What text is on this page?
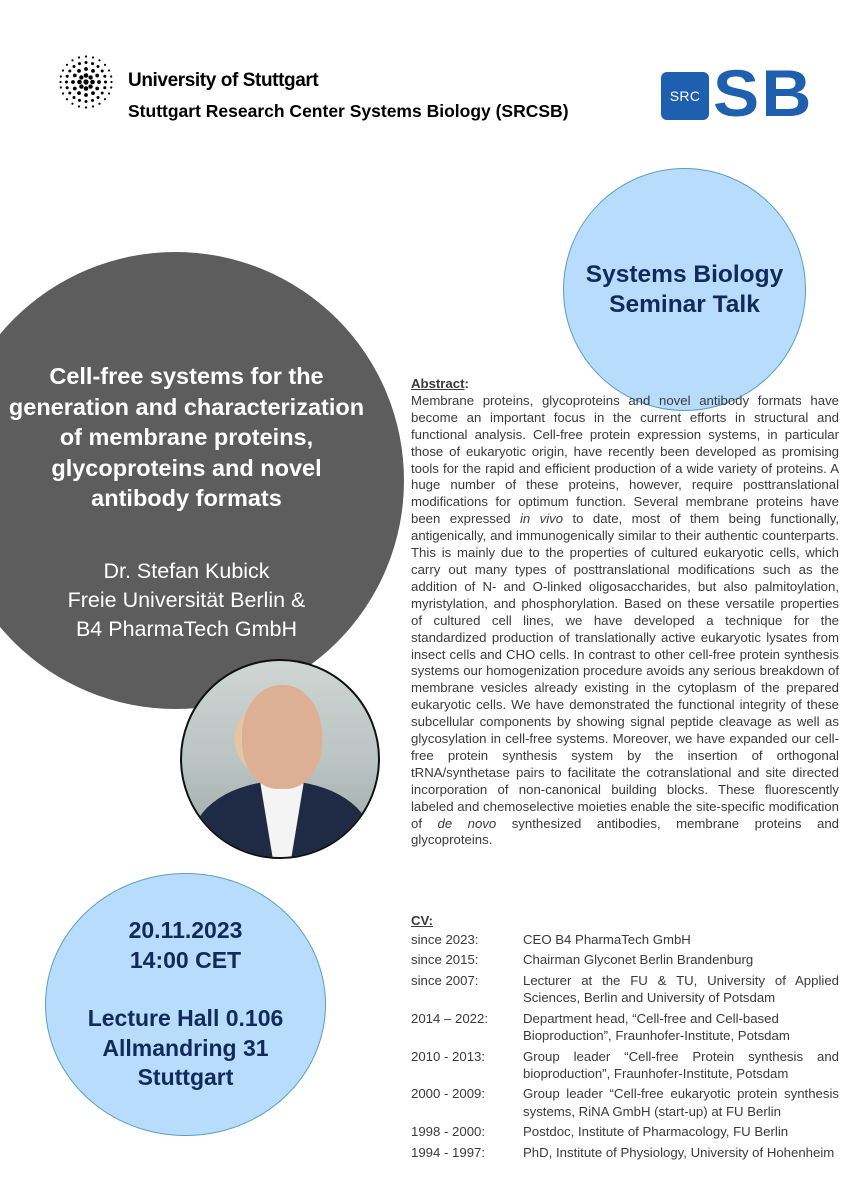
University of Stuttgart
Stuttgart Research Center Systems Biology (SRCSB)
SRC SB
Systems Biology
Seminar Talk
Cell-free systems for the generation and characterization of membrane proteins, glycoproteins and novel antibody formats
Dr. Stefan Kubick
Freie Universität Berlin &
B4 PharmaTech GmbH
20.11.2023
14:00 CET
Lecture Hall 0.106
Allmandring 31
Stuttgart
Abstract:
Membrane proteins, glycoproteins and novel antibody formats have become an important focus in the current efforts in structural and functional analysis. Cell-free protein expression systems, in particular those of eukaryotic origin, have recently been developed as promising tools for the rapid and efficient production of a wide variety of proteins. A huge number of these proteins, however, require posttranslational modifications for optimum function. Several membrane proteins have been expressed in vivo to date, most of them being functionally, antigenically, and immunogenically similar to their authentic counterparts. This is mainly due to the properties of cultured eukaryotic cells, which carry out many types of posttranslational modifications such as the addition of N- and O-linked oligosaccharides, but also palmitoylation, myristylation, and phosphorylation. Based on these versatile properties of cultured cell lines, we have developed a technique for the standardized production of translationally active eukaryotic lysates from insect cells and CHO cells. In contrast to other cell-free protein synthesis systems our homogenization procedure avoids any serious breakdown of membrane vesicles already existing in the cytoplasm of the prepared eukaryotic cells. We have demonstrated the functional integrity of these subcellular components by showing signal peptide cleavage as well as glycosylation in cell-free systems. Moreover, we have expanded our cell-free protein synthesis system by the insertion of orthogonal tRNA/synthetase pairs to facilitate the cotranslational and site directed incorporation of non-canonical building blocks. These fluorescently labeled and chemoselective moieties enable the site-specific modification of de novo synthesized antibodies, membrane proteins and glycoproteins.
CV:
since 2023:	CEO B4 PharmaTech GmbH
since 2015:	Chairman Glyconet Berlin Brandenburg
since 2007:	Lecturer at the FU & TU, University of Applied Sciences, Berlin and University of Potsdam
2014 – 2022:	Department head, “Cell-free and Cell-based Bioproduction”, Fraunhofer-Institute, Potsdam
2010 - 2013:	Group leader “Cell-free Protein synthesis and bioproduction”, Fraunhofer-Institute, Potsdam
2000 - 2009:	Group leader “Cell-free eukaryotic protein synthesis systems, RiNA GmbH (start-up) at FU Berlin
1998 - 2000:	Postdoc, Institute of Pharmacology, FU Berlin
1994 - 1997:	PhD, Institute of Physiology, University of Hohenheim
